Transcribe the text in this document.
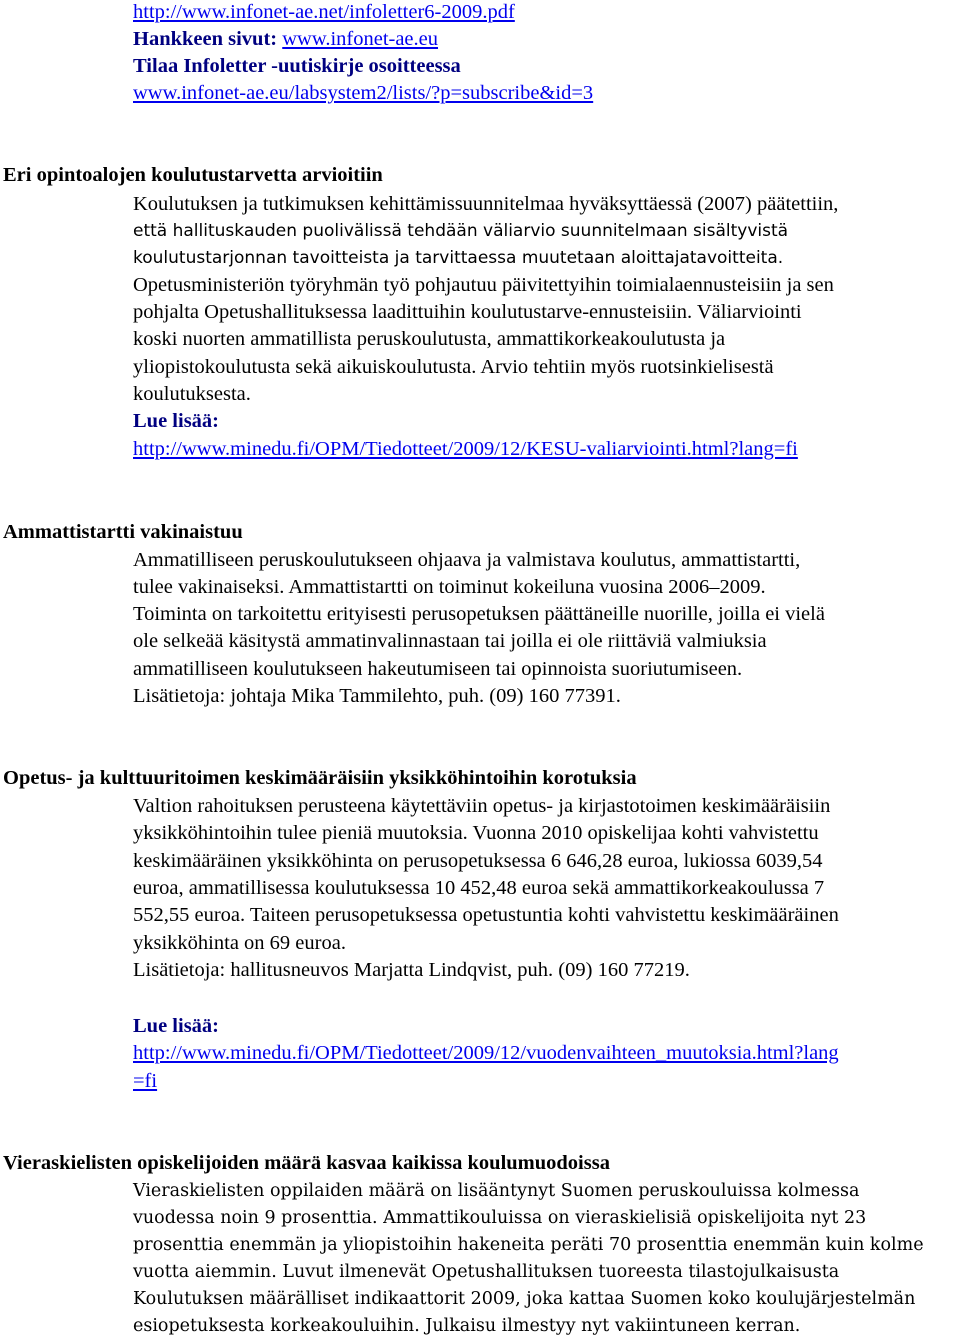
http://www.infonet-ae.net/infoletter6-2009.pdf
Hankkeen sivut: www.infonet-ae.eu
Tilaa Infoletter -uutiskirje osoitteessa
www.infonet-ae.eu/labsystem2/lists/?p=subscribe&id=3
Eri opintoalojen koulutustarvetta arvioitiin
Koulutuksen ja tutkimuksen kehittämissuunnitelmaa hyväksyttäessä (2007) päätettiin,
että hallituskauden puolivälissä tehdään väliarvio suunnitelmaan sisältyvistä
koulutustarjonnan tavoitteista ja tarvittaessa muutetaan aloittajatavoitteita.
Opetusministeriön työryhmän työ pohjautuu päivitettyihin toimialaennusteisiin ja sen
pohjalta Opetushallituksessa laadittuihin koulutustarve-ennusteisiin. Väliarviointi
koski nuorten ammatillista peruskoulutusta, ammattikorkeakoulutusta ja
yliopistokoulutusta sekä aikuiskoulutusta. Arvio tehtiin myös ruotsinkielisestä
koulutuksesta.
Lue lisää:
http://www.minedu.fi/OPM/Tiedotteet/2009/12/KESU-valiarviointi.html?lang=fi
Ammattistartti vakinaistuu
Ammatilliseen peruskoulutukseen ohjaava ja valmistava koulutus, ammattistartti,
tulee vakinaiseksi. Ammattistartti on toiminut kokeiluna vuosina 2006–2009.
Toiminta on tarkoitettu erityisesti perusopetuksen päättäneille nuorille, joilla ei vielä
ole selkeää käsitystä ammatinvalinnastaan tai joilla ei ole riittäviä valmiuksia
ammatilliseen koulutukseen hakeutumiseen tai opinnoista suoriutumiseen.
Lisätietoja: johtaja Mika Tammilehto, puh. (09) 160 77391.
Opetus- ja kulttuuritoimen keskimääräisiin yksikköhintoihin korotuksia
Valtion rahoituksen perusteena käytettäviin opetus- ja kirjastotoimen keskimääräisiin
yksikköhintoihin tulee pieniä muutoksia. Vuonna 2010 opiskelijaa kohti vahvistettu
keskimääräinen yksikköhinta on perusopetuksessa 6 646,28 euroa, lukiossa 6039,54
euroa, ammatillisessa koulutuksessa 10 452,48 euroa sekä ammattikorkeakoulussa 7
552,55 euroa. Taiteen perusopetuksessa opetustuntia kohti vahvistettu keskimääräinen
yksikköhinta on 69 euroa.
Lisätietoja: hallitusneuvos Marjatta Lindqvist, puh. (09) 160 77219.
Lue lisää:
http://www.minedu.fi/OPM/Tiedotteet/2009/12/vuodenvaihteen_muutoksia.html?lang
=fi
Vieraskielisten opiskelijoiden määrä kasvaa kaikissa koulumuodoissa
Vieraskielisten oppilaiden määrä on lisääntynyt Suomen peruskouluissa kolmessa
vuodessa noin 9 prosenttia. Ammattikouluissa on vieraskielisiä opiskelijoita nyt 23
prosenttia enemmän ja yliopistoihin hakeneita peräti 70 prosenttia enemmän kuin kolme
vuotta aiemmin. Luvut ilmenevät Opetushallituksen tuoreesta tilastojulkaisusta
Koulutuksen määrälliset indikaattorit 2009, joka kattaa Suomen koko koulujärjestelmän
esiopetuksesta korkeakouluihin. Julkaisu ilmestyy nyt vakiintuneen kerran.
